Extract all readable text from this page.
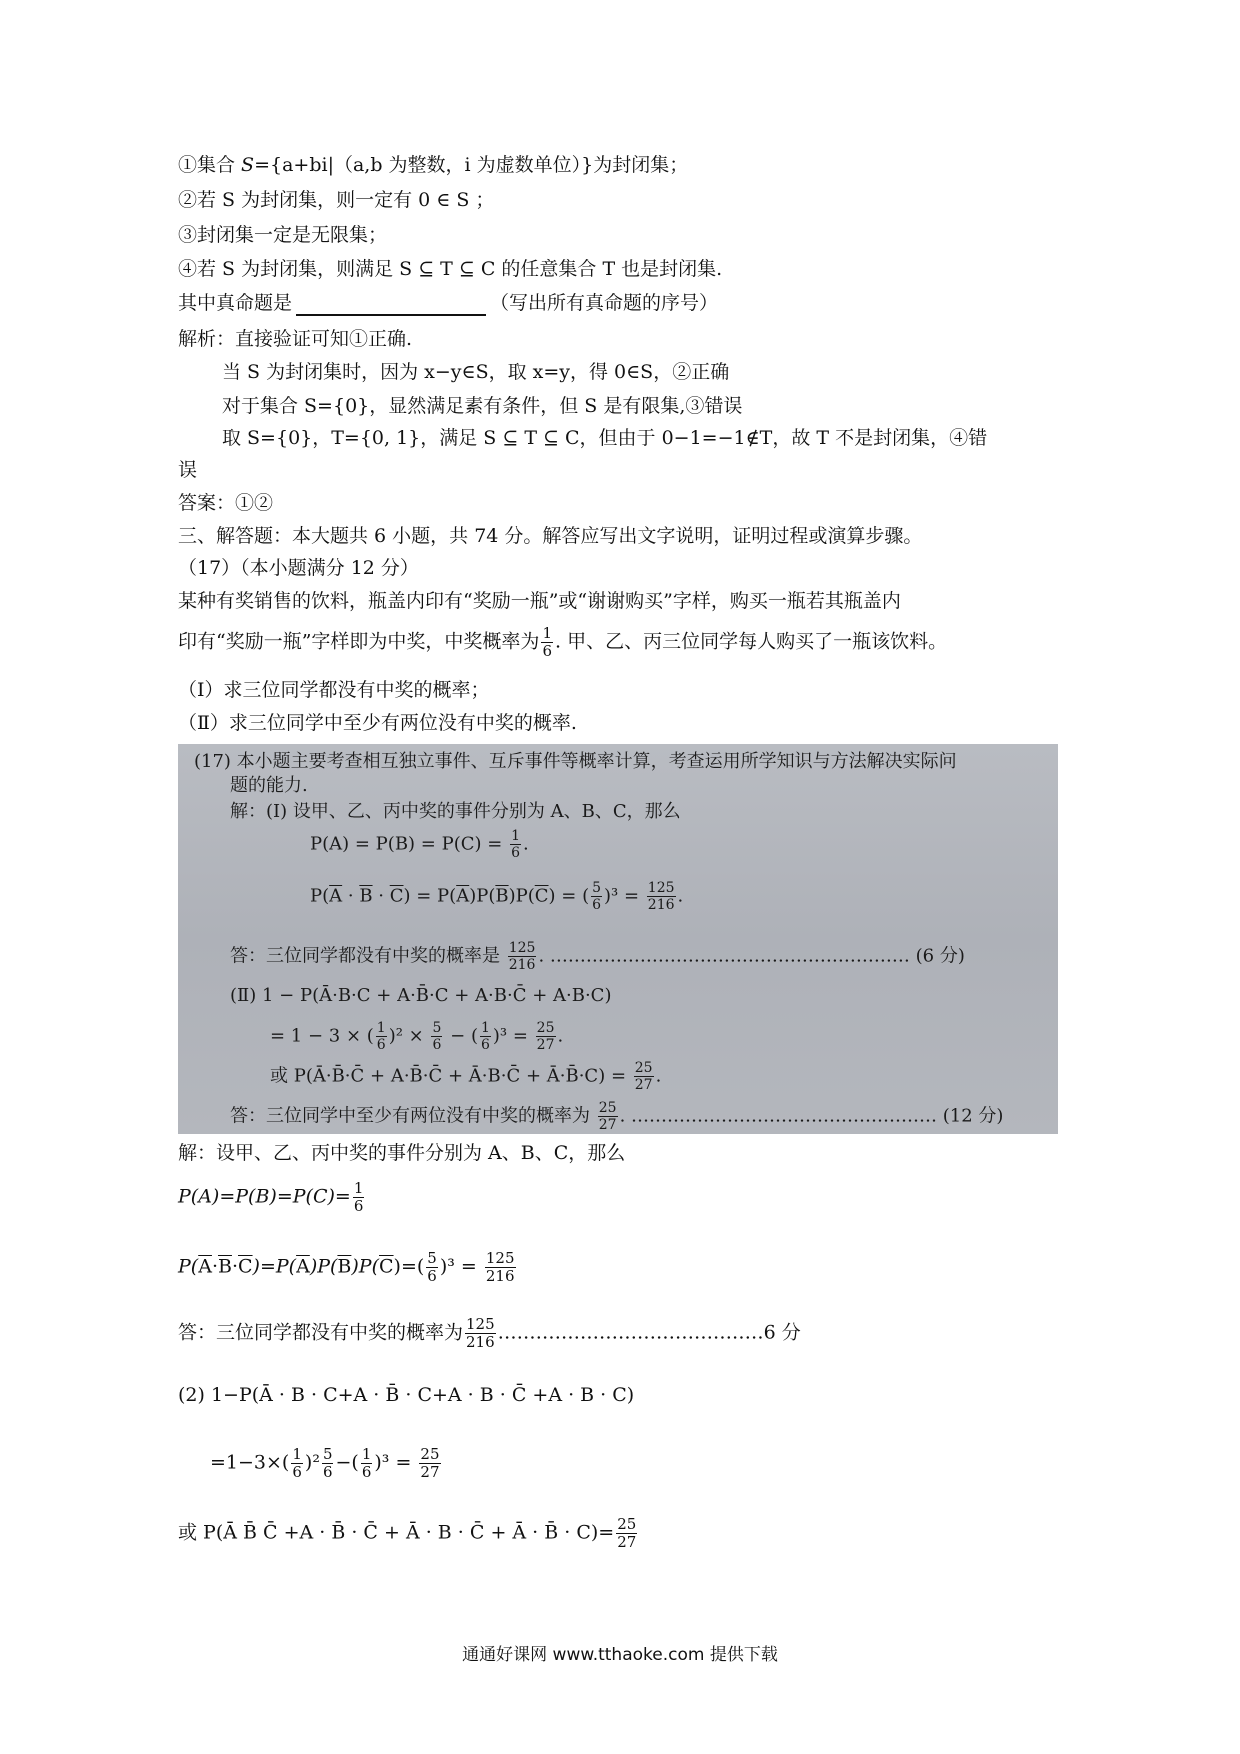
①集合 S={a+bi|（a,b 为整数，i 为虚数单位）}为封闭集；
②若 S 为封闭集，则一定有 0 ∈ S ；
③封闭集一定是无限集；
④若 S 为封闭集，则满足 S ⊆ T ⊆ C 的任意集合 T 也是封闭集.
其中真命题是	（写出所有真命题的序号）
解析：直接验证可知①正确.
当 S 为封闭集时，因为 x−y∈S，取 x=y，得 0∈S，②正确
对于集合 S={0}，显然满足素有条件，但 S 是有限集,③错误
取 S={0}，T={0, 1}，满足 S ⊆ T ⊆ C，但由于 0−1=−1∉T，故 T 不是封闭集，④错
误
答案：①②
三、解答题：本大题共 6 小题，共 74 分。解答应写出文字说明，证明过程或演算步骤。
（17）（本小题满分 12 分）
某种有奖销售的饮料，瓶盖内印有“奖励一瓶”或“谢谢购买”字样，购买一瓶若其瓶盖内
印有“奖励一瓶”字样即为中奖，中奖概率为 $\frac{1}{6}$ . 甲、乙、丙三位同学每人购买了一瓶该饮料。
（Ⅰ）求三位同学都没有中奖的概率；
（Ⅱ）求三位同学中至少有两位没有中奖的概率.
(17) 本小题主要考查相互独立事件、互斥事件等概率计算，考查运用所学知识与方法解决实际问
题的能力.
解：(Ⅰ) 设甲、乙、丙中奖的事件分别为 A、B、C，那么
$P(A) = P(B) = P(C) = \frac{1}{6}$ .
$P(\overline{A} \cdot \overline{B} \cdot \overline{C}) = P(\overline{A})P(\overline{B})P(\overline{C})$ = ( $\frac{5}{6} )^3 = \frac{125}{216}$ .
答：三位同学都没有中奖的概率是 $\frac{125}{216}$ . …………………………………………………… (6 分)
(Ⅱ) 1 − P(Ā·B·C + A·B̄·C + A·B·C̄ + A·B·C)
= 1 − 3 × ( $\frac{1}{6} )^2 \times \frac{5}{6}$ − ( $\frac{1}{6} )^3 = \frac{25}{27}$ .
或 P(Ā·B̄·C̄ + A·B̄·C̄ + Ā·B·C̄ + Ā·B̄·C) = $\frac{25}{27}$ .
答：三位同学中至少有两位没有中奖的概率为 $\frac{25}{27}$ . …………………………………………… (12 分)
解：设甲、乙、丙中奖的事件分别为 A、B、C，那么
$P(A)=P(B)=P(C)= \frac{1}{6}$
$P(\overline{A}\cdot\overline{B}\cdot\overline{C})=P(\overline{A})P(\overline{B})P(\overline{C})=( \frac{5}{6} )^3 = \frac{125}{216}$
答：三位同学都没有中奖的概率为 $\frac{125}{216}$ ……………………………………6 分
(2) 1−P(Ā · B · C+A · B̄ · C+A · B · C̄ +A · B · C)
$=1-3\times( \frac{1}{6} )^2 \frac{5}{6}$ −( $\frac{1}{6} )^3 = \frac{25}{27}$
或 P(Ā B̄ C̄ +A · B̄ · C̄ + Ā · B · C̄ + Ā · B̄ · $C)= \frac{25}{27}$
通通好课网 www.tthaoke.com 提供下载
